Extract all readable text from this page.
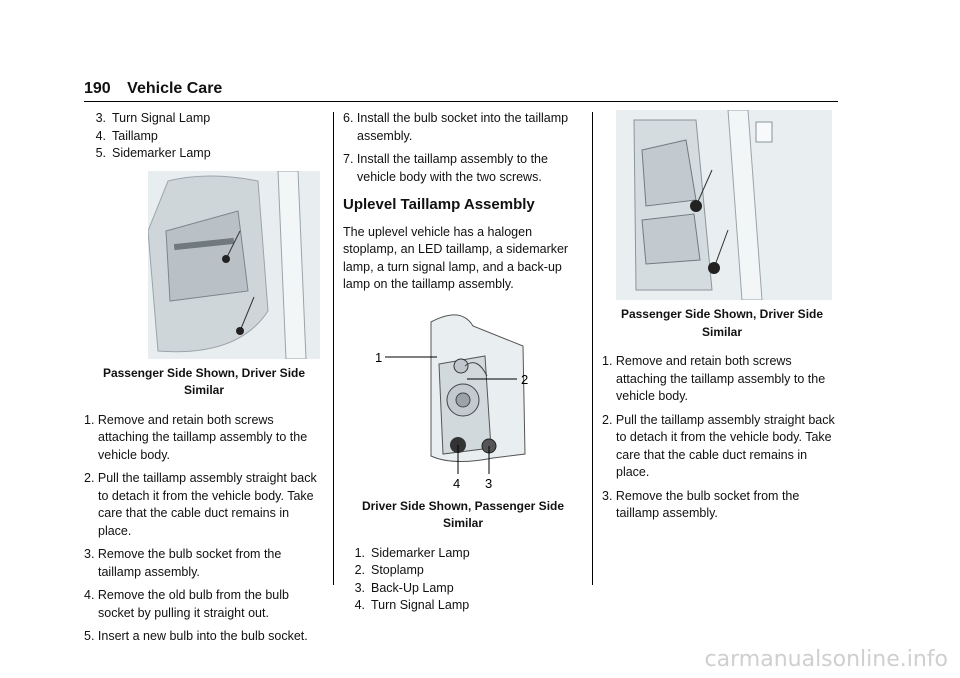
190 Vehicle Care
3. Turn Signal Lamp
4. Taillamp
5. Sidemarker Lamp
Passenger Side Shown, Driver Side Similar
1. Remove and retain both screws attaching the taillamp assembly to the vehicle body.
2. Pull the taillamp assembly straight back to detach it from the vehicle body. Take care that the cable duct remains in place.
3. Remove the bulb socket from the taillamp assembly.
4. Remove the old bulb from the bulb socket by pulling it straight out.
5. Insert a new bulb into the bulb socket.
6. Install the bulb socket into the taillamp assembly.
7. Install the taillamp assembly to the vehicle body with the two screws.
Uplevel Taillamp Assembly

The uplevel vehicle has a halogen stoplamp, an LED taillamp, a sidemarker lamp, a turn signal lamp, and a back-up lamp on the taillamp assembly.

1
2
4 3
Driver Side Shown, Passenger Side Similar
1. Sidemarker Lamp
2. Stoplamp
3. Back-Up Lamp
4. Turn Signal Lamp
Passenger Side Shown, Driver Side Similar
1. Remove and retain both screws attaching the taillamp assembly to the vehicle body.
2. Pull the taillamp assembly straight back to detach it from the vehicle body. Take care that the cable duct remains in place.
3. Remove the bulb socket from the taillamp assembly.
carmanualsonline.info
